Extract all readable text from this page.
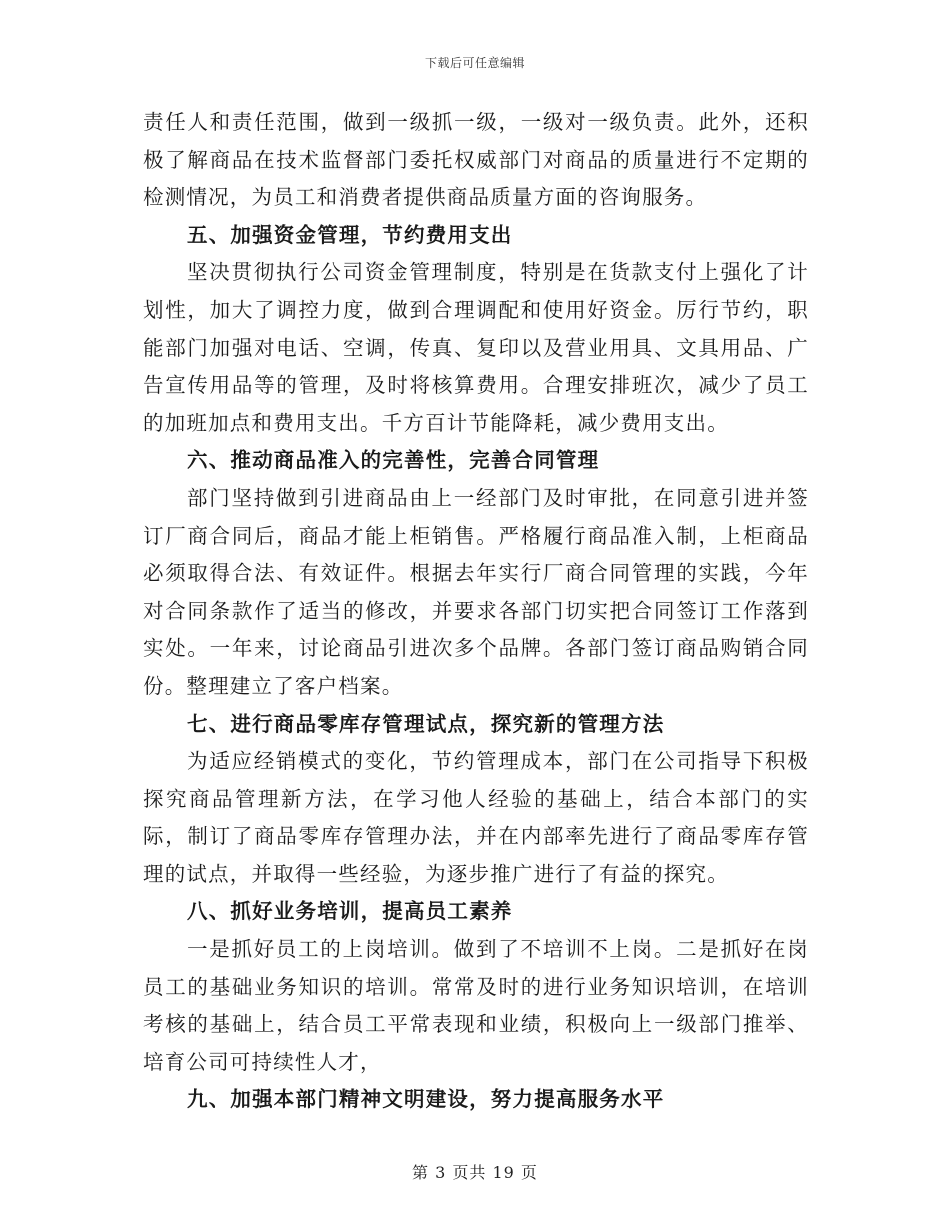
下载后可任意编辑

责任人和责任范围，做到一级抓一级，一级对一级负责。此外，还积极了解商品在技术监督部门委托权威部门对商品的质量进行不定期的检测情况，为员工和消费者提供商品质量方面的咨询服务。

五、加强资金管理，节约费用支出

坚决贯彻执行公司资金管理制度，特别是在货款支付上强化了计划性，加大了调控力度，做到合理调配和使用好资金。厉行节约，职能部门加强对电话、空调，传真、复印以及营业用具、文具用品、广告宣传用品等的管理，及时将核算费用。合理安排班次，减少了员工的加班加点和费用支出。千方百计节能降耗，减少费用支出。

六、推动商品准入的完善性，完善合同管理

部门坚持做到引进商品由上一经部门及时审批，在同意引进并签订厂商合同后，商品才能上柜销售。严格履行商品准入制，上柜商品必须取得合法、有效证件。根据去年实行厂商合同管理的实践，今年对合同条款作了适当的修改，并要求各部门切实把合同签订工作落到实处。一年来，讨论商品引进次多个品牌。各部门签订商品购销合同份。整理建立了客户档案。

七、进行商品零库存管理试点，探究新的管理方法

为适应经销模式的变化，节约管理成本，部门在公司指导下积极探究商品管理新方法，在学习他人经验的基础上，结合本部门的实际，制订了商品零库存管理办法，并在内部率先进行了商品零库存管理的试点，并取得一些经验，为逐步推广进行了有益的探究。

八、抓好业务培训，提高员工素养

一是抓好员工的上岗培训。做到了不培训不上岗。二是抓好在岗员工的基础业务知识的培训。常常及时的进行业务知识培训，在培训考核的基础上，结合员工平常表现和业绩，积极向上一级部门推举、培育公司可持续性人才，

九、加强本部门精神文明建设，努力提高服务水平

第 3 页共 19 页
